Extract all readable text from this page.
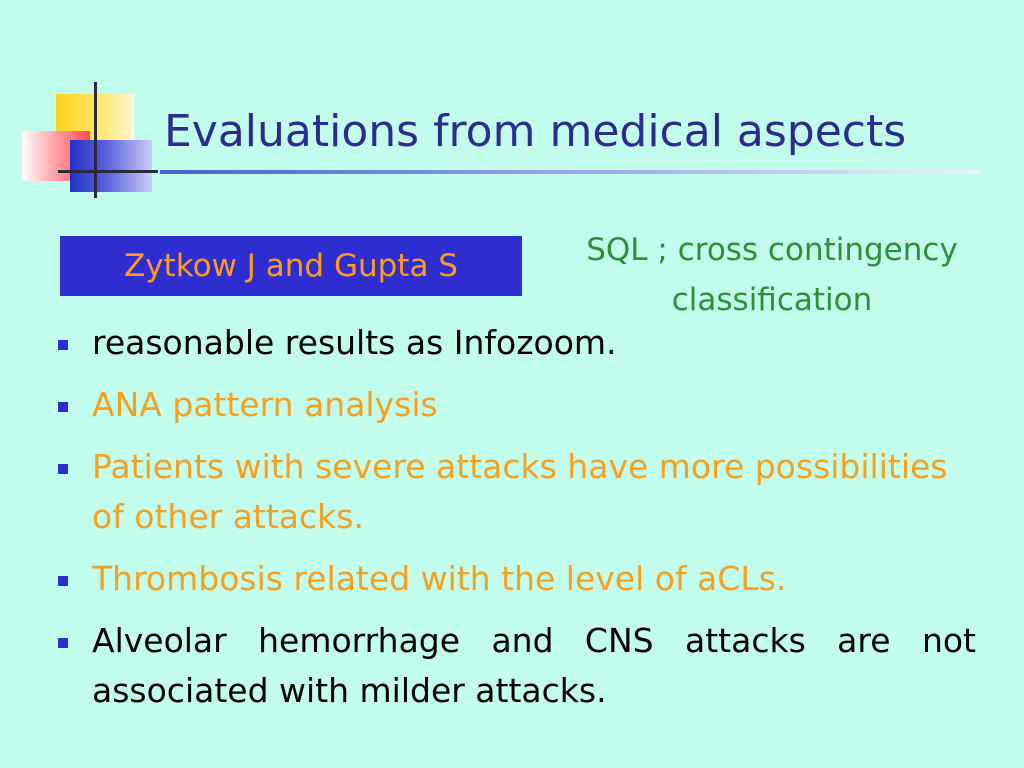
Evaluations from medical aspects
Zytkow J and Gupta S	SQL ; cross contingency
classification
reasonable results as Infozoom.
ANA pattern analysis
Patients with severe attacks have more possibilities of other attacks.
Thrombosis related with the level of aCLs.
Alveolar hemorrhage and CNS attacks are not associated with milder attacks.
